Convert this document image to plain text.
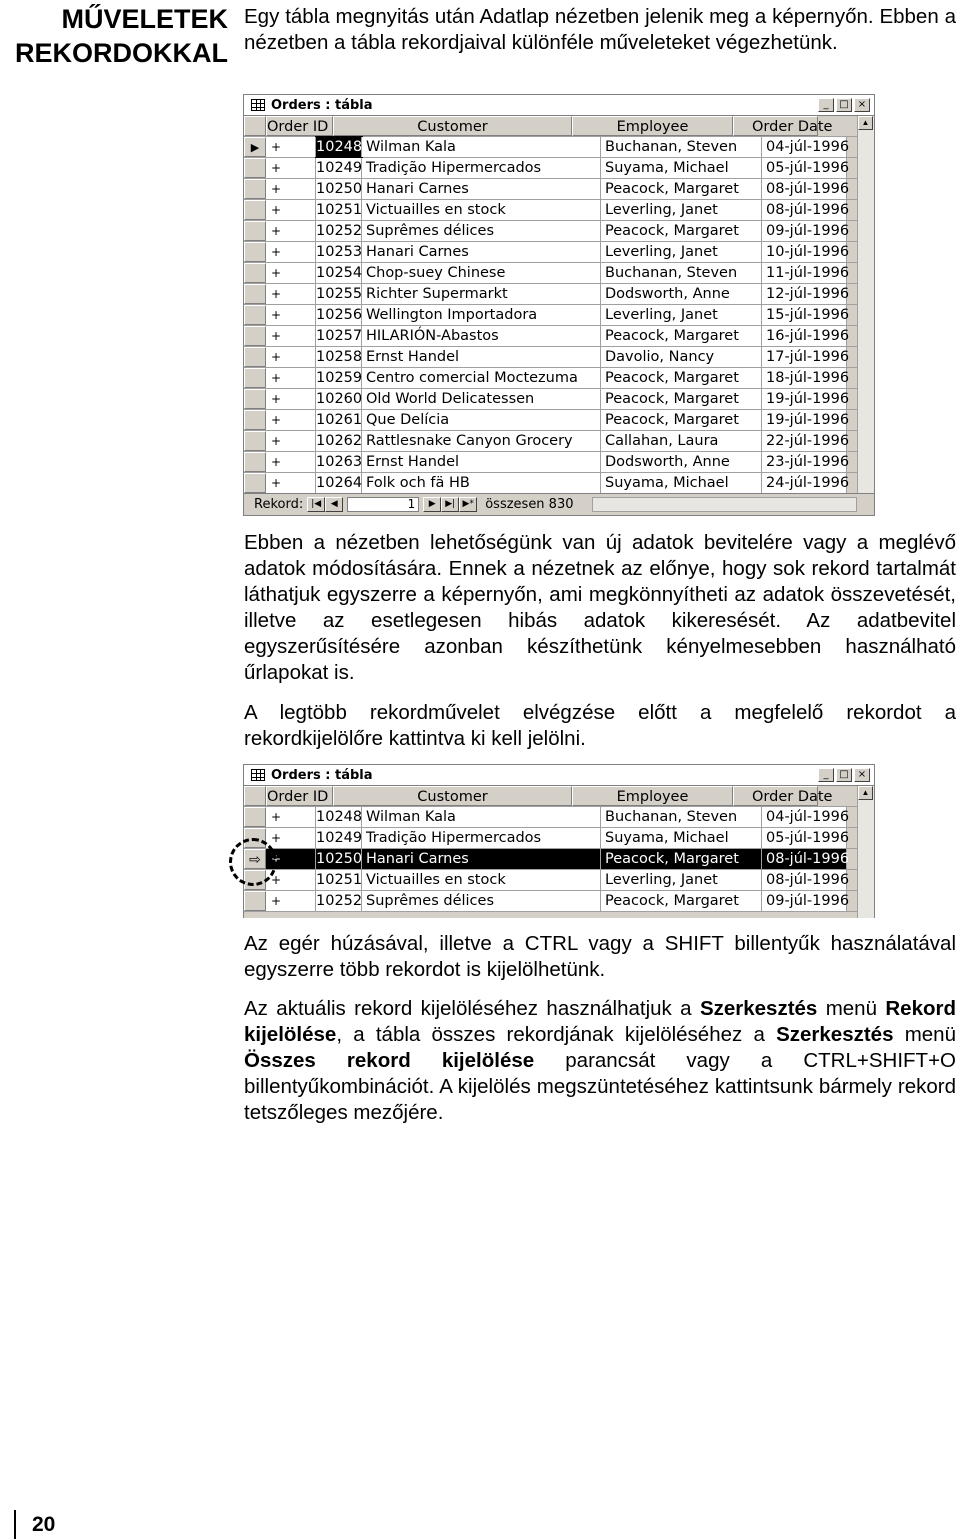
MŰVELETEK
REKORDOKKAL
Egy tábla megnyitás után Adatlap nézetben jelenik meg a képernyőn. Ebben a nézetben a tábla rekordjaival különféle műveleteket végezhetünk.
Orders : tábla	_	□ ×
Order ID	Customer	Employee	Order Date
▶ + 10248 Wilman Kala	Buchanan, Steven	04-júl-1996
+ 10249 Tradição Hipermercados	Suyama, Michael	05-júl-1996
+ 10250 Hanari Carnes	Peacock, Margaret	08-júl-1996
+ 10251 Victuailles en stock	Leverling, Janet	08-júl-1996
+ 10252 Suprêmes délices	Peacock, Margaret	09-júl-1996
+ 10253 Hanari Carnes	Leverling, Janet	10-júl-1996
+ 10254 Chop-suey Chinese	Buchanan, Steven	11-júl-1996
+ 10255 Richter Supermarkt	Dodsworth, Anne	12-júl-1996
+ 10256 Wellington Importadora	Leverling, Janet	15-júl-1996
+ 10257 HILARIÓN-Abastos	Peacock, Margaret	16-júl-1996
+ 10258 Ernst Handel	Davolio, Nancy	17-júl-1996
+ 10259 Centro comercial Moctezuma	Peacock, Margaret	18-júl-1996
+ 10260 Old World Delicatessen	Peacock, Margaret	19-júl-1996
+ 10261 Que Delícia	Peacock, Margaret	19-júl-1996
+ 10262 Rattlesnake Canyon Grocery	Callahan, Laura	22-júl-1996
+ 10263 Ernst Handel	Dodsworth, Anne	23-júl-1996
+ 10264 Folk och fä HB	Suyama, Michael	24-júl-1996
▲
Rekord: |◀	◀	1	▶	▶| ▶* összesen 830
Ebben a nézetben lehetőségünk van új adatok bevitelére vagy a meglévő adatok módosítására. Ennek a nézetnek az előnye, hogy sok rekord tartalmát láthatjuk egyszerre a képernyőn, ami megkönnyítheti az adatok összevetését, illetve az esetlegesen hibás adatok kikeresését. Az adatbevitel egyszerűsítésére azonban készíthetünk kényelmesebben használható űrlapokat is.
A legtöbb rekordművelet elvégzése előtt a megfelelő rekordot a rekordkijelölőre kattintva ki kell jelölni.
Orders : tábla	_	□ ×
Order ID	Customer	Employee	Order Date
+ 10248 Wilman Kala	Buchanan, Steven	04-júl-1996
+ 10249 Tradição Hipermercados	Suyama, Michael	05-júl-1996
⇨ + 10250 Hanari Carnes	Peacock, Margaret	08-júl-1996
+ 10251 Victuailles en stock	Leverling, Janet	08-júl-1996
+ 10252 Suprêmes délices	Peacock, Margaret	09-júl-1996
▲
Az egér húzásával, illetve a CTRL vagy a SHIFT billentyűk használatával egyszerre több rekordot is kijelölhetünk.
Az aktuális rekord kijelöléséhez használhatjuk a Szerkesztés menü Rekord kijelölése, a tábla összes rekordjának kijelöléséhez a Szerkesztés menü Összes rekord kijelölése parancsát vagy a CTRL+SHIFT+O billentyűkombinációt. A kijelölés megszüntetéséhez kattintsunk bármely rekord tetszőleges mezőjére.
20
